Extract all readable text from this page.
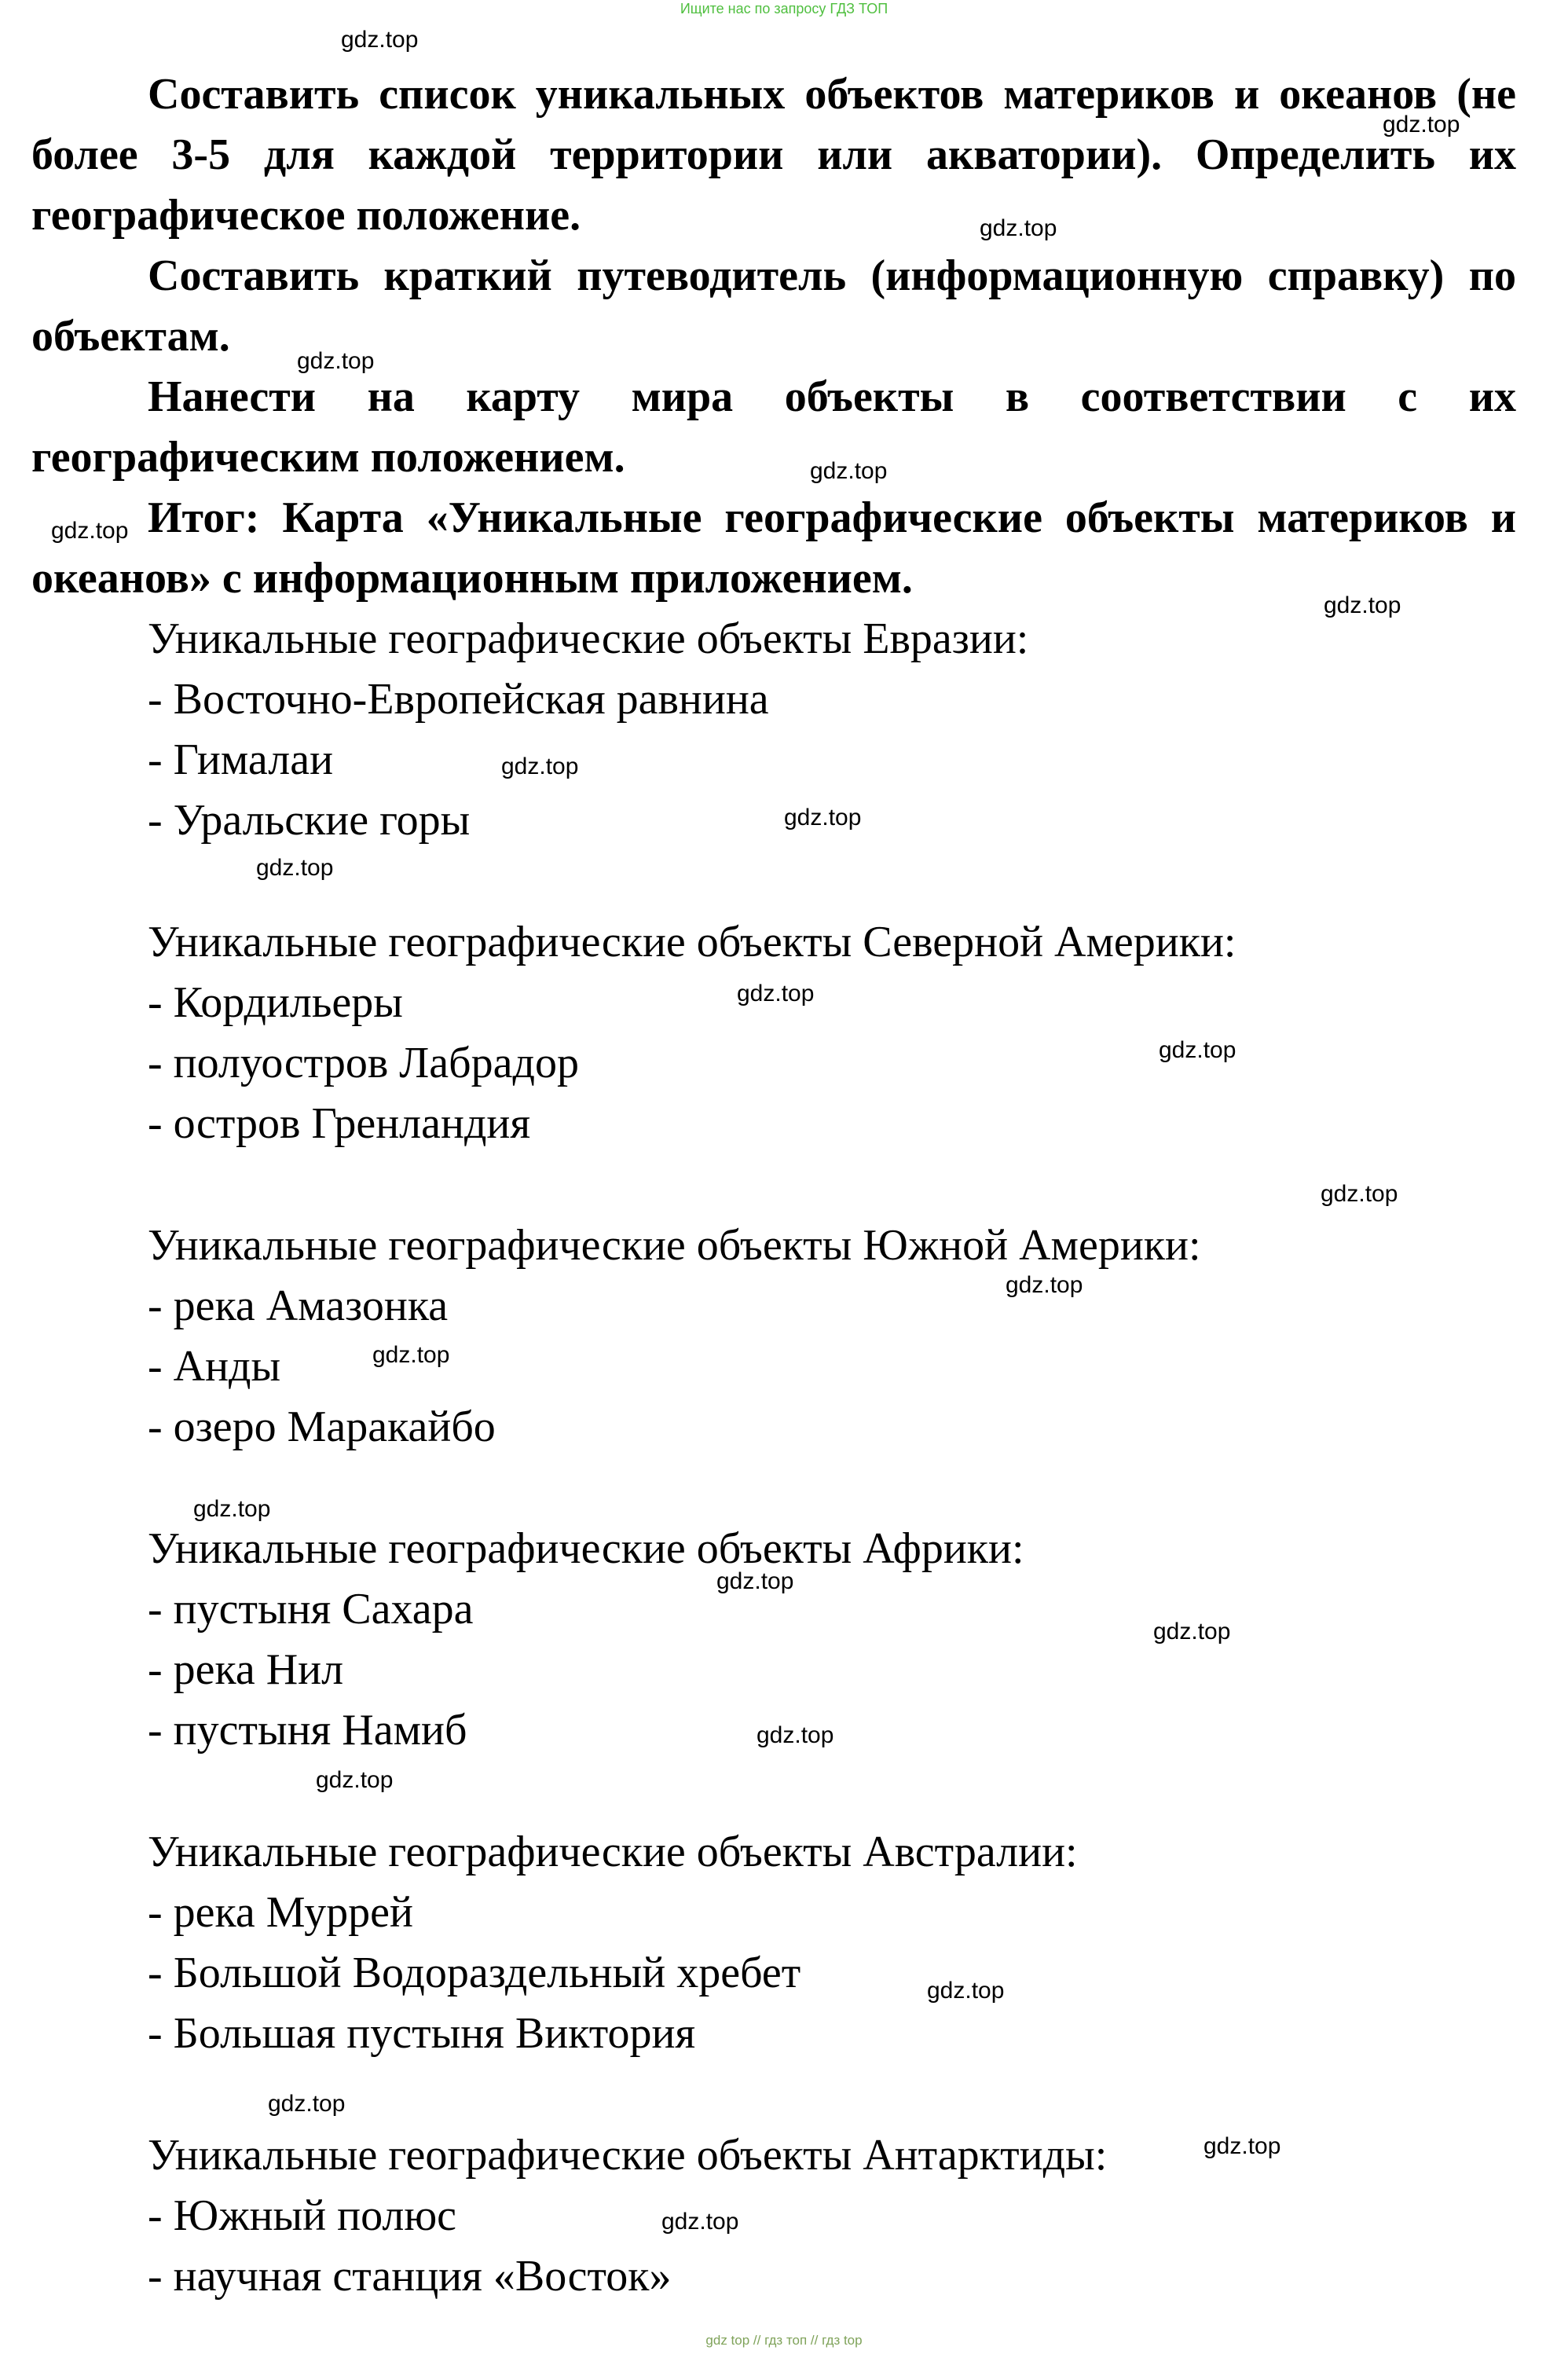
Ищите нас по запросу ГДЗ ТОП
Составить список уникальных объектов материков и океанов (не более 3-5 для каждой территории или акватории). Определить их географическое положение.
Составить краткий путеводитель (информационную справку) по объектам.
Нанести на карту мира объекты в соответствии с их географическим положением.
Итог: Карта «Уникальные географические объекты материков и океанов» с информационным приложением.
Уникальные географические объекты Евразии:
- Восточно-Европейская равнина
- Гималаи
- Уральские горы
Уникальные географические объекты Северной Америки:
- Кордильеры
- полуостров Лабрадор
- остров Гренландия
Уникальные географические объекты Южной Америки:
- река Амазонка
- Анды
- озеро Маракайбо
Уникальные географические объекты Африки:
- пустыня Сахара
- река Нил
- пустыня Намиб
Уникальные географические объекты Австралии:
- река Муррей
- Большой Водораздельный хребет
- Большая пустыня Виктория
Уникальные географические объекты Антарктиды:
- Южный полюс
- научная станция «Восток»
gdz.top
gdz.top
gdz.top
gdz.top
gdz.top
gdz.top
gdz.top
gdz.top
gdz.top
gdz.top
gdz.top
gdz.top
gdz.top
gdz.top
gdz.top
gdz.top
gdz.top
gdz.top
gdz.top
gdz.top
gdz.top
gdz.top
gdz.top
gdz.top
gdz top // гдз топ // гдз top
